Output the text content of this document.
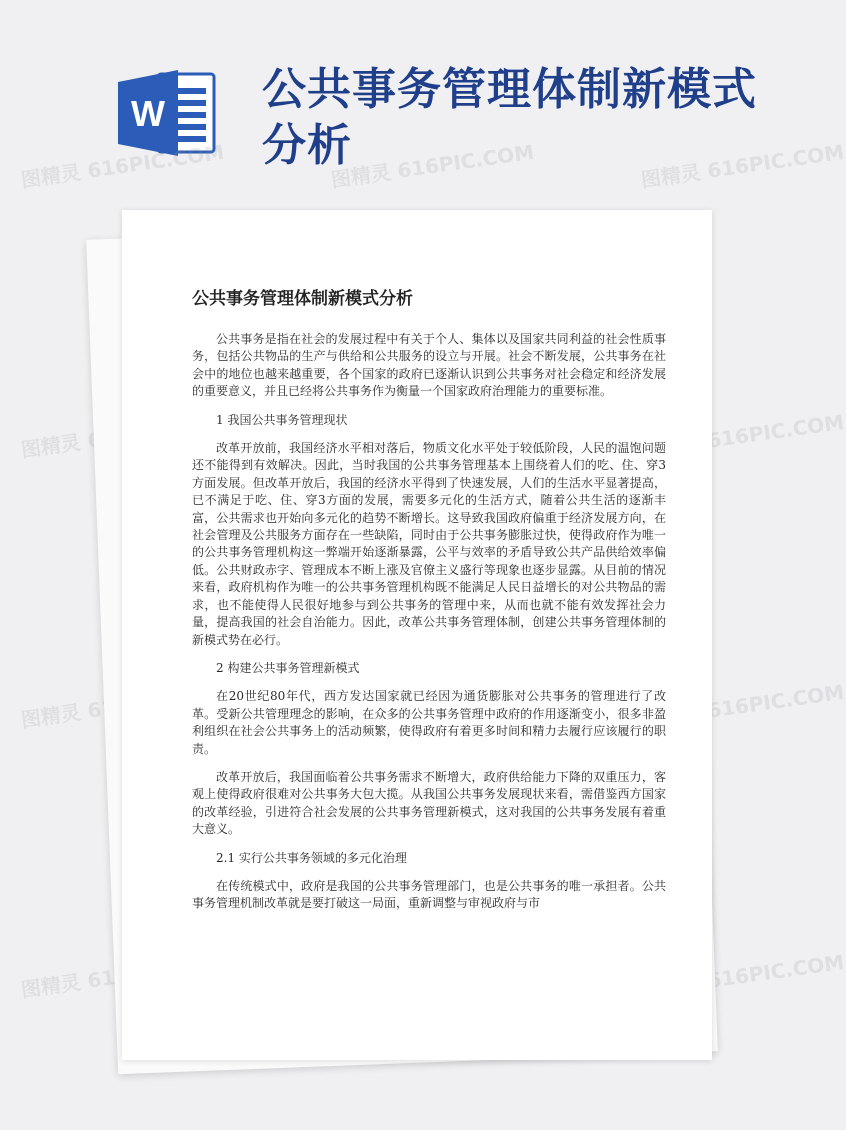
W 公共事务管理体制新模式分析
图精灵 616PIC.COM	图精灵 616PIC.COM	图精灵 616PIC.COM
图精灵	图精灵 616PIC.COM
图精灵	图精灵 616PIC.COM
图精灵	图精灵 616PIC.COM
公共事务管理体制新模式分析

公共事务是指在社会的发展过程中有关于个人、集体以及国家共同利益的社会性质事务，包括公共物品的生产与供给和公共服务的设立与开展。社会不断发展，公共事务在社会中的地位也越来越重要，各个国家的政府已逐渐认识到公共事务对社会稳定和经济发展的重要意义，并且已经将公共事务作为衡量一个国家政府治理能力的重要标准。

1 我国公共事务管理现状

改革开放前，我国经济水平相对落后，物质文化水平处于较低阶段，人民的温饱问题还不能得到有效解决。因此，当时我国的公共事务管理基本上围绕着人们的吃、住、穿3方面发展。但改革开放后，我国的经济水平得到了快速发展，人们的生活水平显著提高，已不满足于吃、住、穿3方面的发展，需要多元化的生活方式，随着公共生活的逐渐丰富，公共需求也开始向多元化的趋势不断增长。这导致我国政府偏重于经济发展方向，在社会管理及公共服务方面存在一些缺陷，同时由于公共事务膨胀过快，使得政府作为唯一的公共事务管理机构这一弊端开始逐渐暴露，公平与效率的矛盾导致公共产品供给效率偏低。公共财政赤字、管理成本不断上涨及官僚主义盛行等现象也逐步显露。从目前的情况来看，政府机构作为唯一的公共事务管理机构既不能满足人民日益增长的对公共物品的需求，也不能使得人民很好地参与到公共事务的管理中来，从而也就不能有效发挥社会力量，提高我国的社会自治能力。因此，改革公共事务管理体制，创建公共事务管理体制的新模式势在必行。

2 构建公共事务管理新模式

在20世纪80年代，西方发达国家就已经因为通货膨胀对公共事务的管理进行了改革。受新公共管理理念的影响，在众多的公共事务管理中政府的作用逐渐变小，很多非盈利组织在社会公共事务上的活动频繁，使得政府有着更多时间和精力去履行应该履行的职责。

改革开放后，我国面临着公共事务需求不断增大，政府供给能力下降的双重压力，客观上使得政府很难对公共事务大包大揽。从我国公共事务发展现状来看，需借鉴西方国家的改革经验，引进符合社会发展的公共事务管理新模式，这对我国的公共事务发展有着重大意义。

2.1 实行公共事务领域的多元化治理

在传统模式中，政府是我国的公共事务管理部门，也是公共事务的唯一承担者。公共事务管理机制改革就是要打破这一局面，重新调整与审视政府与市
